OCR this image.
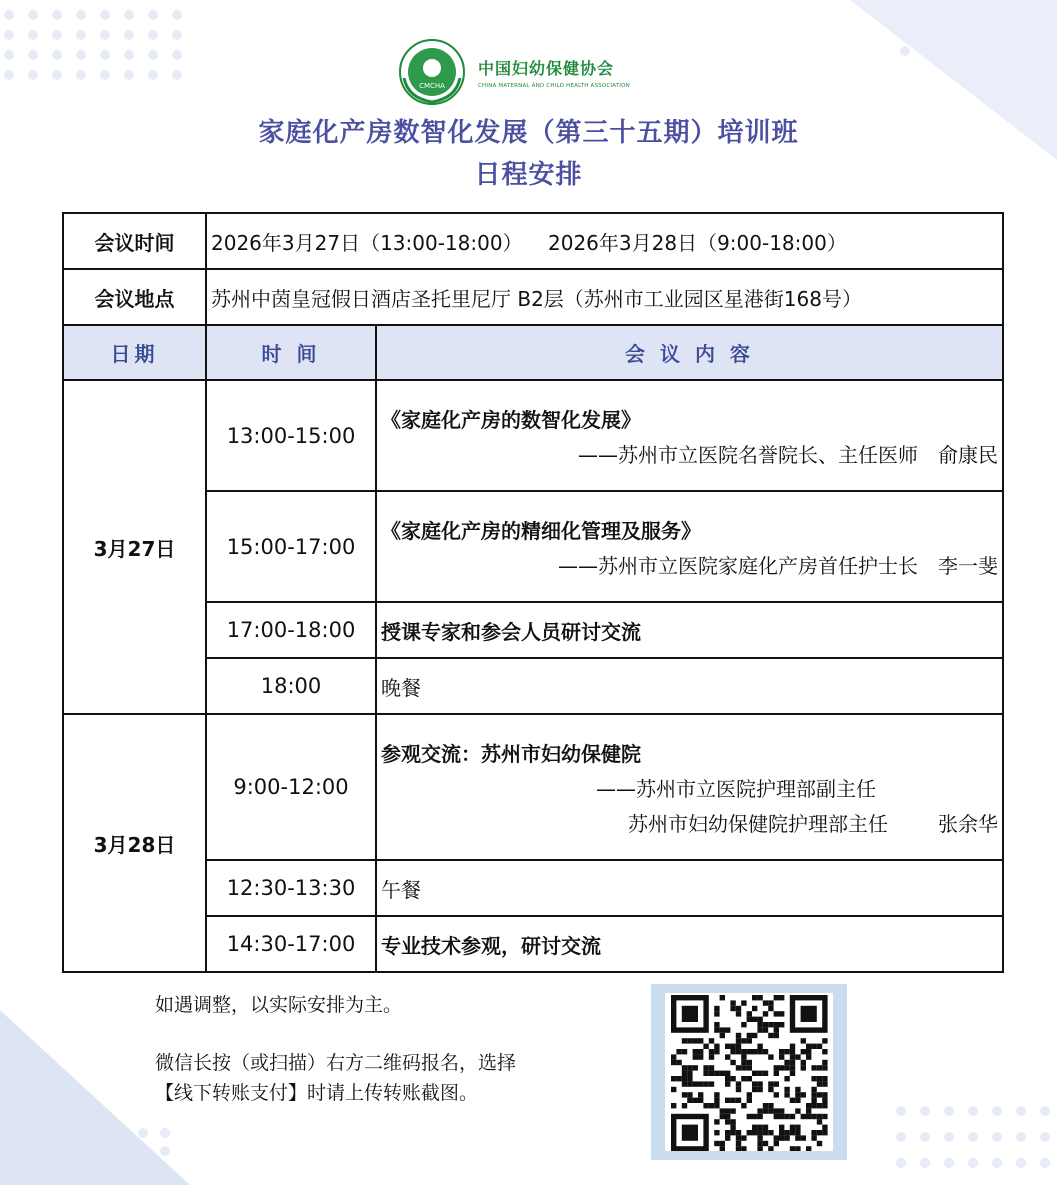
CMCHA
中国妇幼保健协会
CHINA MATERNAL AND CHILD HEALTH ASSOCIATION
家庭化产房数智化发展（第三十五期）培训班
日程安排
会议时间	2026年3月27日（13:00-18:00）    2026年3月28日（9:00-18:00）	
会议地点	苏州中茵皇冠假日酒店圣托里尼厅 B2层（苏州市工业园区星港街168号）	
日期	时 间	会 议 内 容
3月27日	13:00-15:00	《家庭化产房的数智化发展》
——苏州市立医院名誉院长、主任医师　俞康民

	15:00-17:00	《家庭化产房的精细化管理及服务》
——苏州市立医院家庭化产房首任护士长　李一斐

	17:00-18:00	授课专家和参会人员研讨交流
	18:00	晚餐
3月28日	9:00-12:00	参观交流：苏州市妇幼保健院
——苏州市立医院护理部副主任
苏州市妇幼保健院护理部主任 张余华

	12:30-13:30	午餐
	14:30-17:00	专业技术参观，研讨交流
如遇调整，以实际安排为主。
微信长按（或扫描）右方二维码报名，选择
【线下转账支付】时请上传转账截图。
